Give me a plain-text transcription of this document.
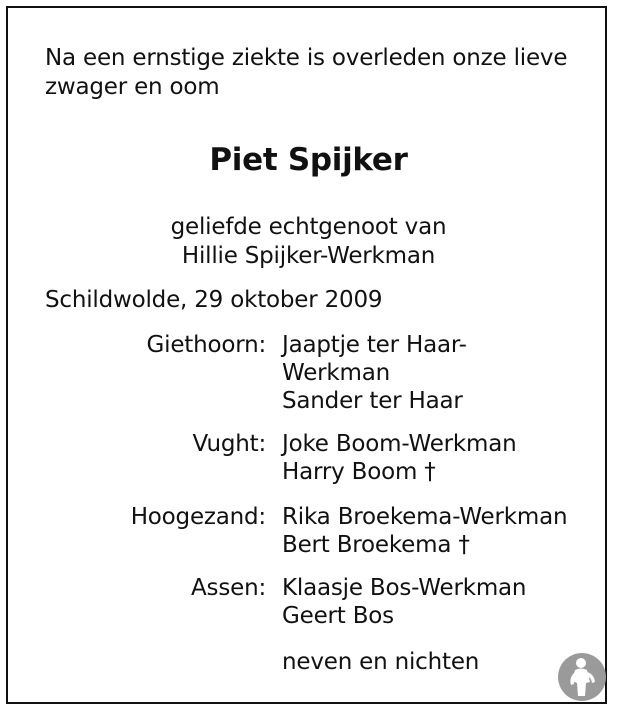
Na een ernstige ziekte is overleden onze lieve
zwager en oom
Piet Spijker
geliefde echtgenoot van
Hillie Spijker-Werkman
Schildwolde, 29 oktober 2009
Giethoorn: Jaaptje ter Haar-
Werkman
Sander ter Haar
Vught: Joke Boom-Werkman
Harry Boom †
Hoogezand: Rika Broekema-Werkman
Bert Broekema †
Assen: Klaasje Bos-Werkman
Geert Bos
neven en nichten
